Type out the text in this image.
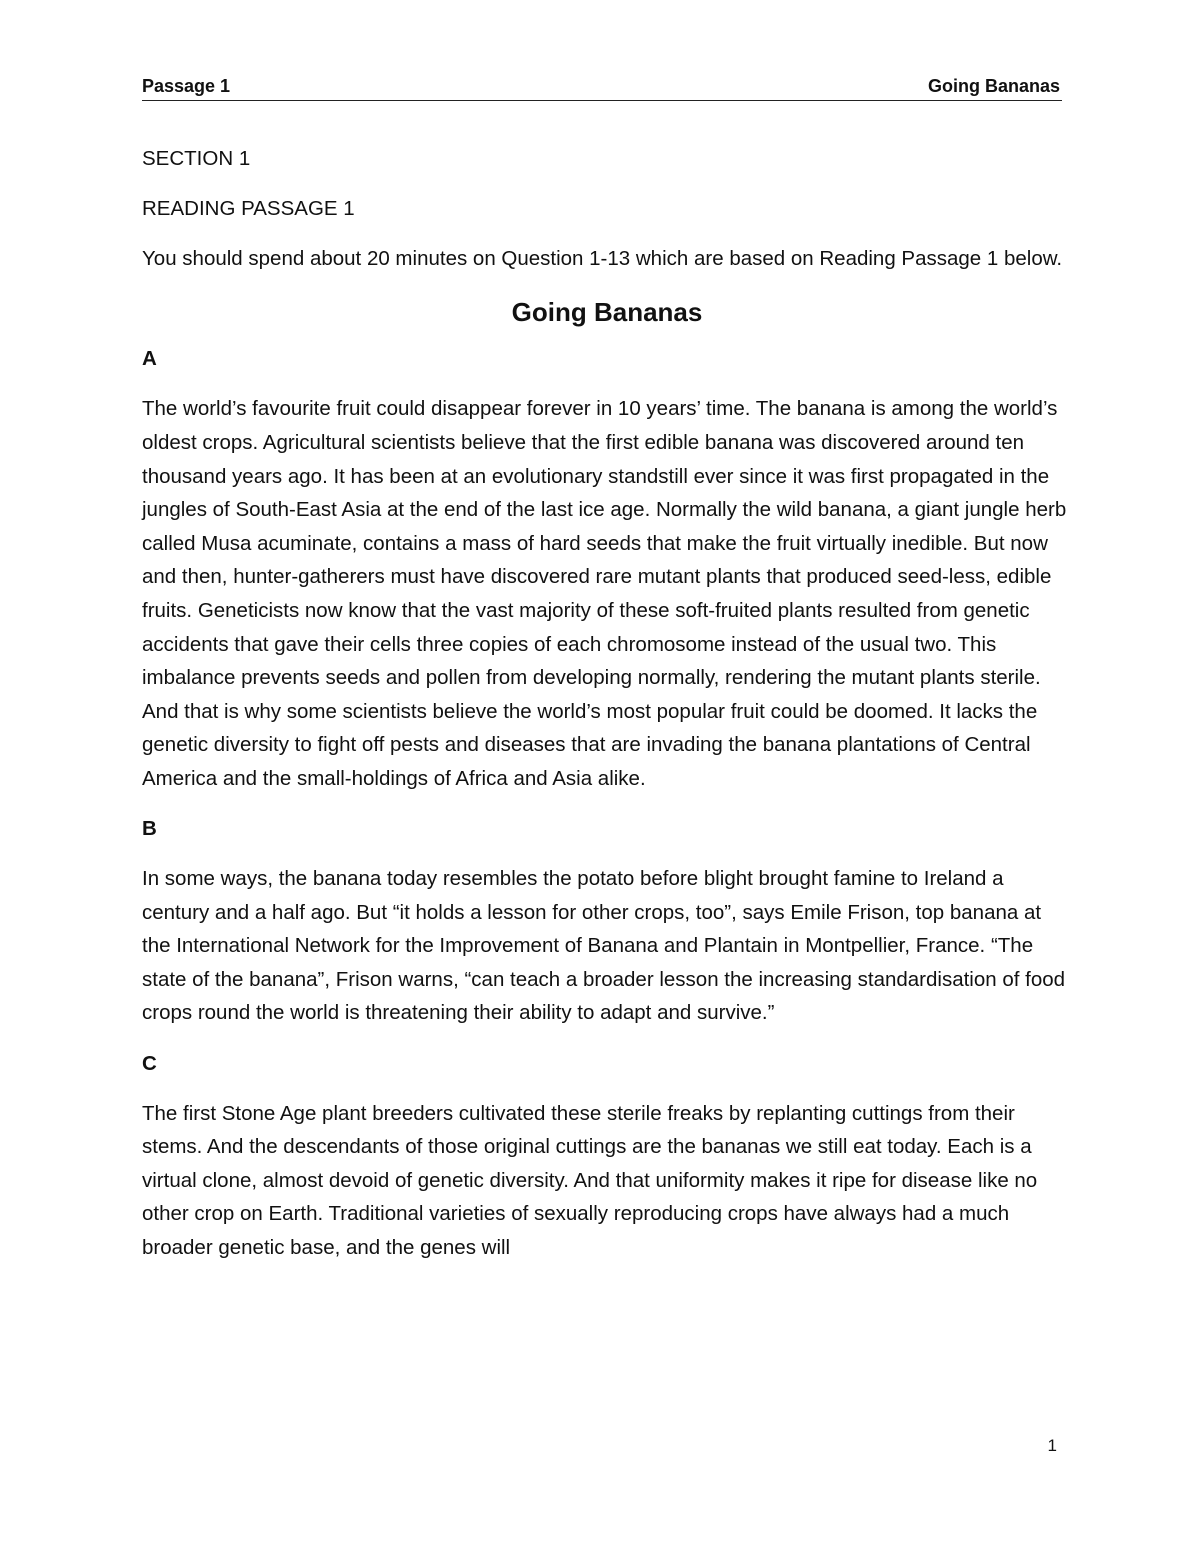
Passage 1	Going Bananas

SECTION 1

READING PASSAGE 1

You should spend about 20 minutes on Question 1-13 which are based on Reading Passage 1 below.

Going Bananas

A

The world’s favourite fruit could disappear forever in 10 years’ time. The banana is among the world’s oldest crops. Agricultural scientists believe that the first edible banana was discovered around ten thousand years ago. It has been at an evolutionary standstill ever since it was first propagated in the jungles of South-East Asia at the end of the last ice age. Normally the wild banana, a giant jungle herb called Musa acuminate, contains a mass of hard seeds that make the fruit virtually inedible. But now and then, hunter-gatherers must have discovered rare mutant plants that produced seed-less, edible fruits. Geneticists now know that the vast majority of these soft-fruited plants resulted from genetic accidents that gave their cells three copies of each chromosome instead of the usual two. This imbalance prevents seeds and pollen from developing normally, rendering the mutant plants sterile. And that is why some scientists believe the world’s most popular fruit could be doomed. It lacks the genetic diversity to fight off pests and diseases that are invading the banana plantations of Central America and the small-holdings of Africa and Asia alike.

B

In some ways, the banana today resembles the potato before blight brought famine to Ireland a century and a half ago. But “it holds a lesson for other crops, too”, says Emile Frison, top banana at the International Network for the Improvement of Banana and Plantain in Montpellier, France. “The state of the banana”, Frison warns, “can teach a broader lesson the increasing standardisation of food crops round the world is threatening their ability to adapt and survive.”

C

The first Stone Age plant breeders cultivated these sterile freaks by replanting cuttings from their stems. And the descendants of those original cuttings are the bananas we still eat today. Each is a virtual clone, almost devoid of genetic diversity. And that uniformity makes it ripe for disease like no other crop on Earth. Traditional varieties of sexually reproducing crops have always had a much broader genetic base, and the genes will

1
